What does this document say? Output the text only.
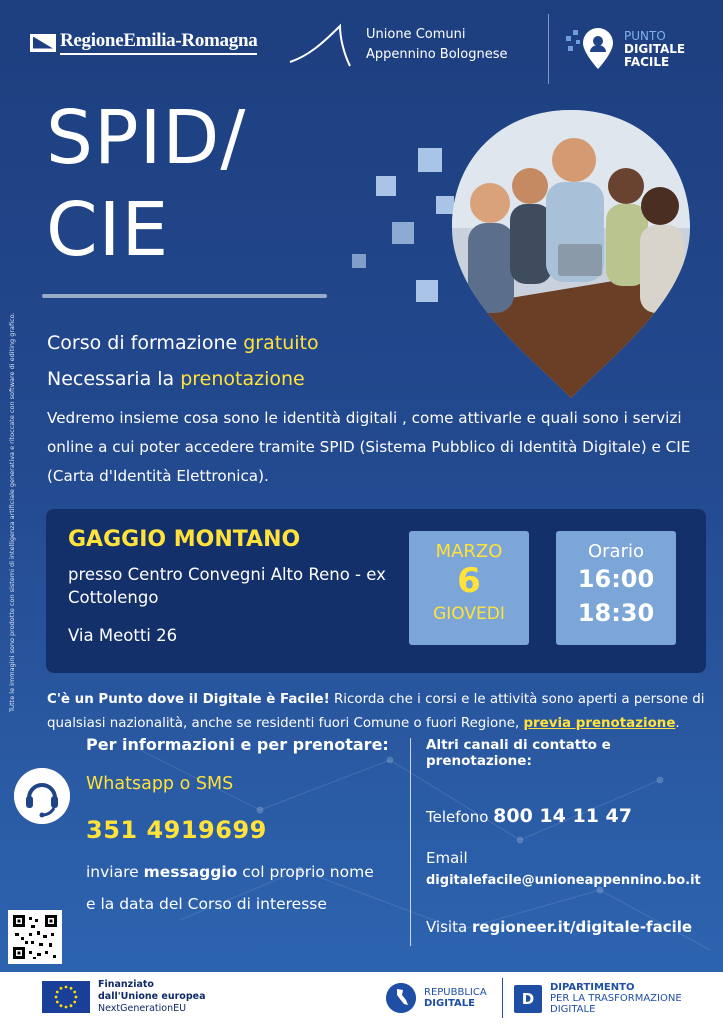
RegioneEmilia-Romagna	Unione Comuni
Appennino Bolognese
PUNTO
DIGITALE
FACILE
SPID/
CIE
Corso di formazione gratuito
Necessaria la prenotazione
Vedremo insieme cosa sono le identità digitali , come attivarle e quali sono i servizi online a cui poter accedere tramite SPID (Sistema Pubblico di Identità Digitale) e CIE (Carta d'Identità Elettronica).
GAGGIO MONTANO
presso Centro Convegni Alto Reno - ex Cottolengo
Via Meotti 26
MARZO
6
GIOVEDI
Orario
16:00
18:30
C'è un Punto dove il Digitale è Facile! Ricorda che i corsi e le attività sono aperti a persone di qualsiasi nazionalità, anche se residenti fuori Comune o fuori Regione, previa prenotazione.
Tutte le immagini sono prodotte con sistemi di intelligenza artificiale generativa e ritoccate con software di editing grafico.
Per informazioni e per prenotare:
Whatsapp o SMS
351 4919699
inviare messaggio col proprio nome
e la data del Corso di interesse
Altri canali di contatto e prenotazione:
Telefono 800 14 11 47
Email
digitalefacile@unioneappennino.bo.it
Visita regioneer.it/digitale-facile
Finanziato
dall'Unione europea
NextGenerationEU
REPUBBLICA
DIGITALE	D
DIPARTIMENTO
PER LA TRASFORMAZIONE
DIGITALE
